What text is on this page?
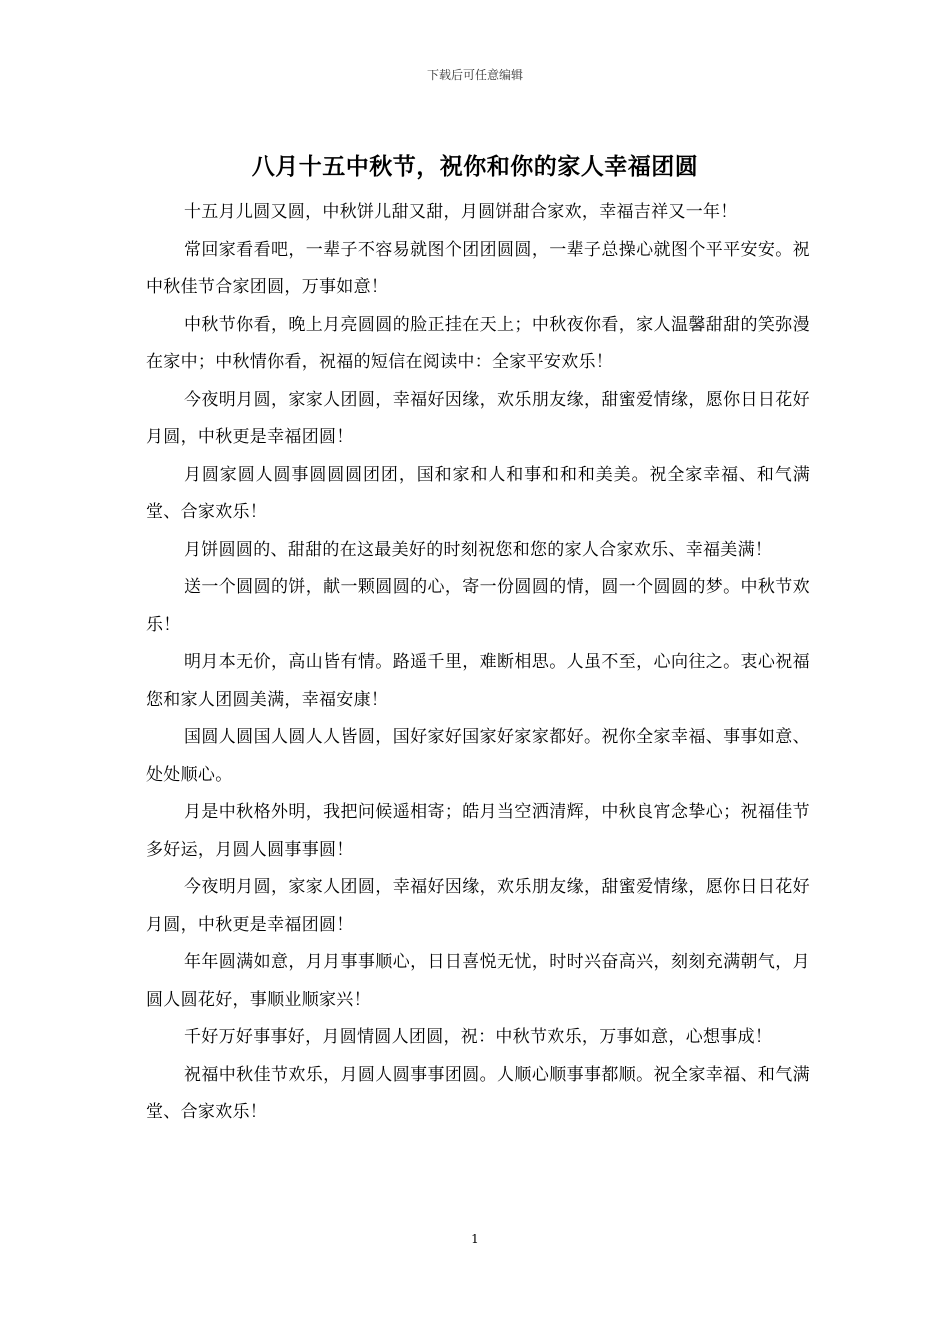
下载后可任意编辑
八月十五中秋节，祝你和你的家人幸福团圆

十五月儿圆又圆，中秋饼儿甜又甜，月圆饼甜合家欢，幸福吉祥又一年！

常回家看看吧，一辈子不容易就图个团团圆圆，一辈子总操心就图个平平安安。祝中秋佳节合家团圆，万事如意！

中秋节你看，晚上月亮圆圆的脸正挂在天上；中秋夜你看，家人温馨甜甜的笑弥漫在家中；中秋情你看，祝福的短信在阅读中：全家平安欢乐！

今夜明月圆，家家人团圆，幸福好因缘，欢乐朋友缘，甜蜜爱情缘，愿你日日花好月圆，中秋更是幸福团圆！

月圆家圆人圆事圆圆圆团团，国和家和人和事和和和美美。祝全家幸福、和气满堂、合家欢乐！

月饼圆圆的、甜甜的在这最美好的时刻祝您和您的家人合家欢乐、幸福美满！

送一个圆圆的饼，献一颗圆圆的心，寄一份圆圆的情，圆一个圆圆的梦。中秋节欢乐！

明月本无价，高山皆有情。路遥千里，难断相思。人虽不至，心向往之。衷心祝福您和家人团圆美满，幸福安康！

国圆人圆国人圆人人皆圆，国好家好国家好家家都好。祝你全家幸福、事事如意、处处顺心。

月是中秋格外明，我把问候遥相寄；皓月当空洒清辉，中秋良宵念挚心；祝福佳节多好运，月圆人圆事事圆！

今夜明月圆，家家人团圆，幸福好因缘，欢乐朋友缘，甜蜜爱情缘，愿你日日花好月圆，中秋更是幸福团圆！

年年圆满如意，月月事事顺心，日日喜悦无忧，时时兴奋高兴，刻刻充满朝气，月圆人圆花好，事顺业顺家兴！

千好万好事事好，月圆情圆人团圆，祝：中秋节欢乐，万事如意，心想事成！

祝福中秋佳节欢乐，月圆人圆事事团圆。人顺心顺事事都顺。祝全家幸福、和气满堂、合家欢乐！

1
